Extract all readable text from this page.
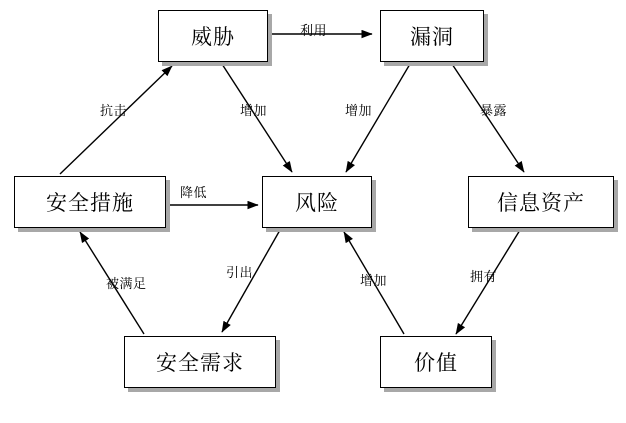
威胁	漏洞
安全措施	风险	信息资产
安全需求	价值
利用
抗击	增加	增加	暴露
降低
被满足
引出
增加	拥有
